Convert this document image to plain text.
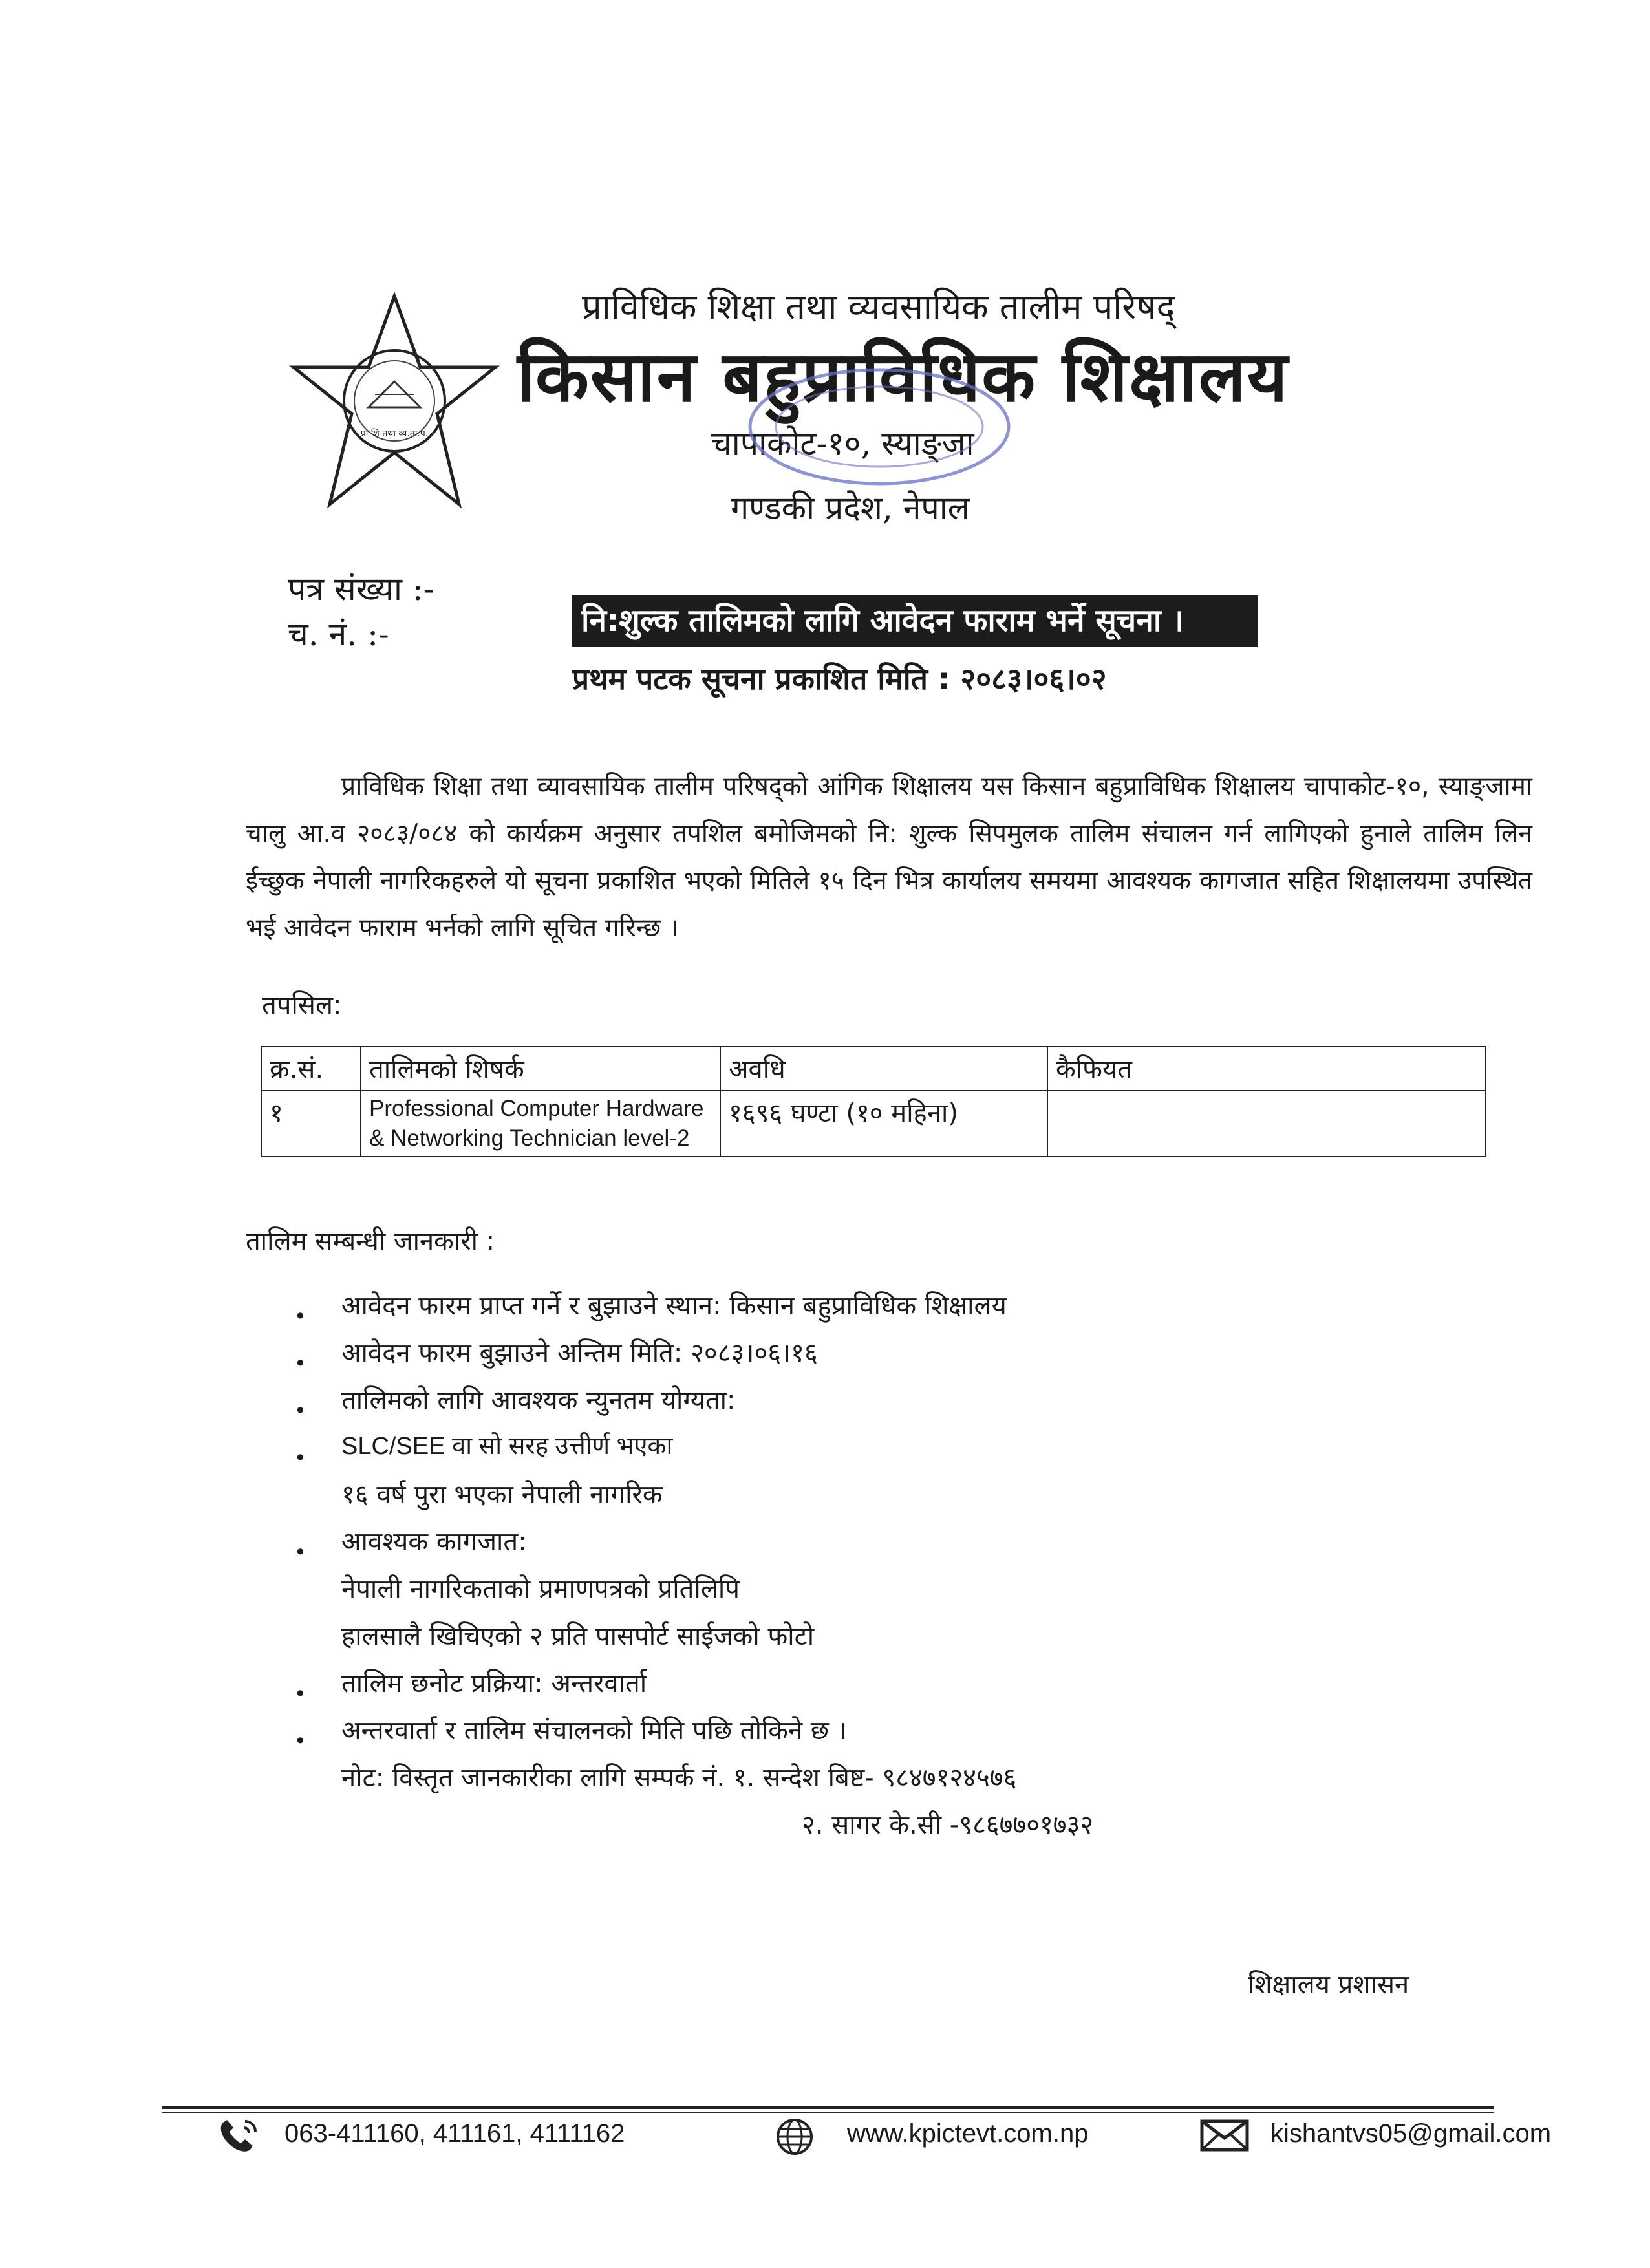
प्रा शि तथा व्य.ता.प.
प्राविधिक शिक्षा तथा व्यवसायिक तालीम परिषद्
किसान बहुप्राविधिक शिक्षालय
चापाकोट-१०, स्याङ्जा
गण्डकी प्रदेश, नेपाल
पत्र संख्या :-
च. नं. :-	नि:शुल्क तालिमको लागि आवेदन फाराम भर्ने सूचना ।
प्रथम पटक सूचना प्रकाशित मिति : २०८३।०६।०२
प्राविधिक शिक्षा तथा व्यावसायिक तालीम परिषद्को आंगिक शिक्षालय यस किसान बहुप्राविधिक शिक्षालय चापाकोट-१०, स्याङ्जामा चालु आ.व २०८३/०८४ को कार्यक्रम अनुसार तपशिल बमोजिमको नि: शुल्क सिपमुलक तालिम संचालन गर्न लागिएको हुनाले तालिम लिन ईच्छुक नेपाली नागरिकहरुले यो सूचना प्रकाशित भएको मितिले १५ दिन भित्र कार्यालय समयमा आवश्यक कागजात सहित शिक्षालयमा उपस्थित भई आवेदन फाराम भर्नको लागि सूचित गरिन्छ ।
तपसिल:
क्र.सं.	तालिमको शिषर्क	अवधि	कैफियत
१	Professional Computer Hardware & Networking Technician level-2	१६९६ घण्टा (१० महिना)	
तालिम सम्बन्धी जानकारी :
• आवेदन फारम प्राप्त गर्ने र बुझाउने स्थान: किसान बहुप्राविधिक शिक्षालय
• आवेदन फारम बुझाउने अन्तिम मिति: २०८३।०६।१६
• तालिमको लागि आवश्यक न्युनतम योग्यता:
• SLC/SEE वा सो सरह उत्तीर्ण भएका
१६ वर्ष पुरा भएका नेपाली नागरिक
• आवश्यक कागजात:
नेपाली नागरिकताको प्रमाणपत्रको प्रतिलिपि
हालसालै खिचिएको २ प्रति पासपोर्ट साईजको फोटो
• तालिम छनोट प्रक्रिया: अन्तरवार्ता
• अन्तरवार्ता र तालिम संचालनको मिति पछि तोकिने छ ।
नोट: विस्तृत जानकारीका लागि सम्पर्क नं. १. सन्देश बिष्ट- ९८४७१२४५७६
२. सागर के.सी -९८६७७०१७३२
शिक्षालय प्रशासन
063-411160, 411161, 4111162	www.kpictevt.com.np	kishantvs05@gmail.com
